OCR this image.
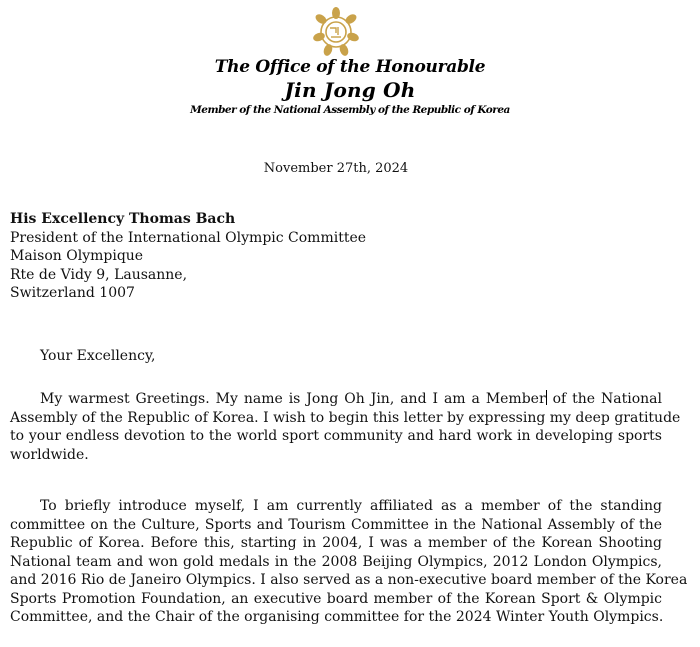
The Office of the Honourable
Jin Jong Oh
Member of the National Assembly of the Republic of Korea
November 27th, 2024
His Excellency Thomas Bach
President of the International Olympic Committee
Maison Olympique
Rte de Vidy 9, Lausanne,
Switzerland 1007
Your Excellency,
My warmest Greetings. My name is Jong Oh Jin, and I am a Member of the National
Assembly of the Republic of Korea. I wish to begin this letter by expressing my deep gratitude
to your endless devotion to the world sport community and hard work in developing sports
worldwide.
To briefly introduce myself, I am currently affiliated as a member of the standing
committee on the Culture, Sports and Tourism Committee in the National Assembly of the
Republic of Korea. Before this, starting in 2004, I was a member of the Korean Shooting
National team and won gold medals in the 2008 Beijing Olympics, 2012 London Olympics,
and 2016 Rio de Janeiro Olympics. I also served as a non-executive board member of the Korea
Sports Promotion Foundation, an executive board member of the Korean Sport & Olympic
Committee, and the Chair of the organising committee for the 2024 Winter Youth Olympics.
